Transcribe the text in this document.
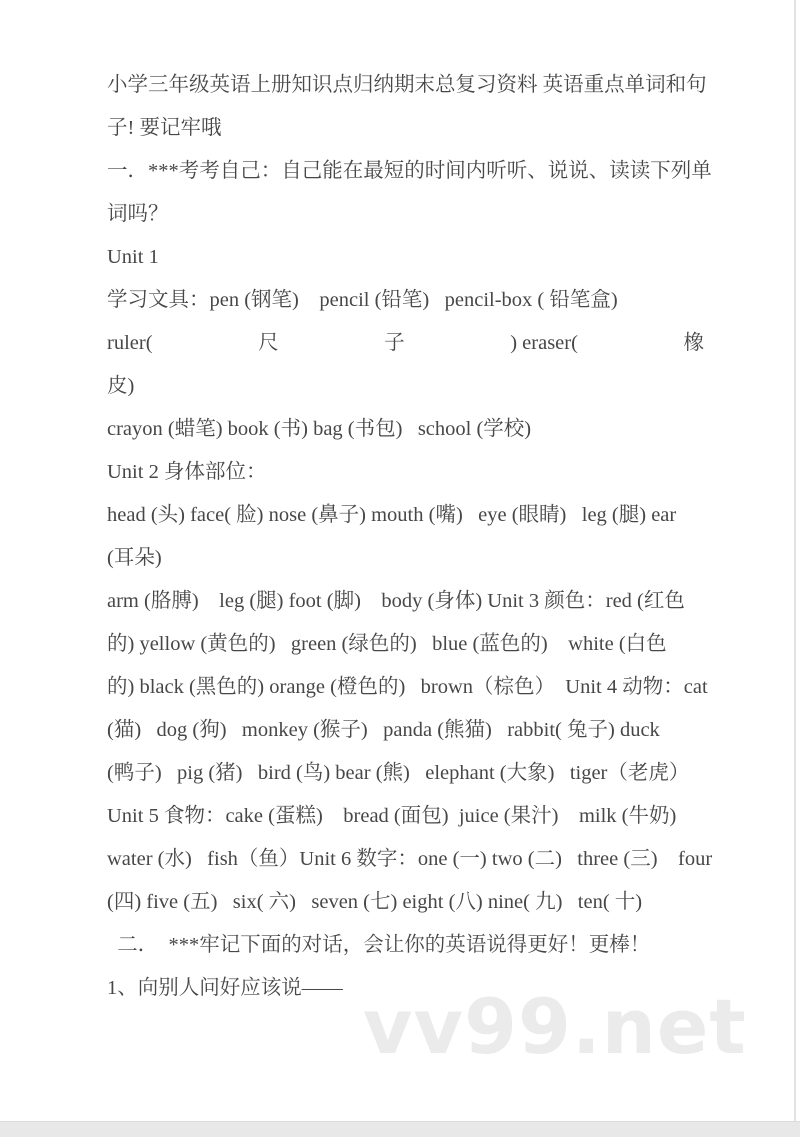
vv99.net
小学三年级英语上册知识点归纳期末总复习资料 英语重点单词和句
子! 要记牢哦
一．***考考自己：自己能在最短的时间内听听、说说、读读下列单
词吗？
Unit 1
学习文具：pen (钢笔)    pencil (铅笔)   pencil-box ( 铅笔盒)
ruler(	尺	子	) eraser(	橡
皮)
crayon (蜡笔) book (书) bag (书包)   school (学校)
Unit 2 身体部位：
head (头) face( 脸) nose (鼻子) mouth (嘴)   eye (眼睛)   leg (腿) ear
(耳朵)
arm (胳膊)    leg (腿) foot (脚)    body (身体) Unit 3 颜色：red (红色
的) yellow (黄色的)   green (绿色的)   blue (蓝色的)    white (白色
的) black (黑色的) orange (橙色的)   brown（棕色）  Unit 4 动物：cat
(猫)   dog (狗)   monkey (猴子)   panda (熊猫)   rabbit( 兔子) duck
(鸭子)   pig (猪)   bird (鸟) bear (熊)   elephant (大象)   tiger（老虎）
Unit 5 食物：cake (蛋糕)    bread (面包)  juice (果汁)    milk (牛奶)
water (水)   fish（鱼）Unit 6 数字：one (一) two (二)   three (三)    four
(四) five (五)   six( 六)   seven (七) eight (八) nine( 九)   ten( 十)
二．  ***牢记下面的对话，会让你的英语说得更好！更棒！
1、向别人问好应该说——
